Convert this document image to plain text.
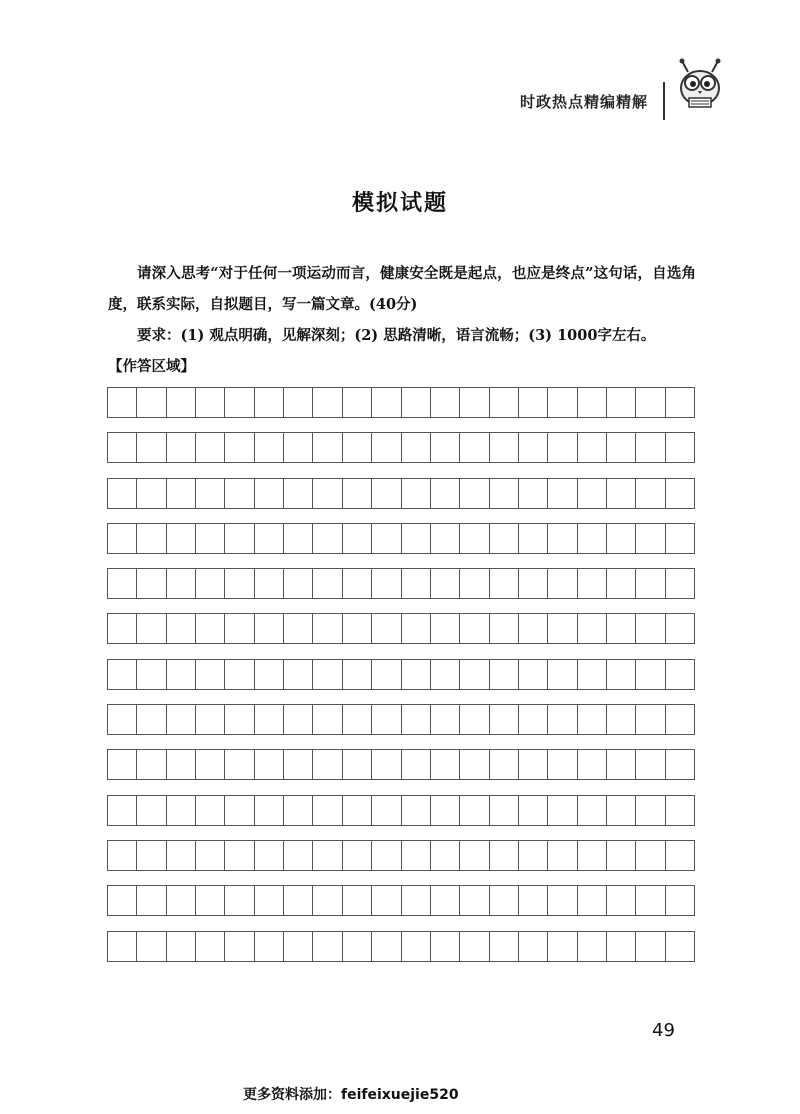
时政热点精编精解
模拟试题

请深入思考“对于任何一项运动而言，健康安全既是起点，也应是终点”这句话，自选角度，联系实际，自拟题目，写一篇文章。(40分)

要求：(1) 观点明确，见解深刻；(2) 思路清晰，语言流畅；(3) 1000字左右。

【作答区域】

49
更多资料添加：feifeixuejie520
